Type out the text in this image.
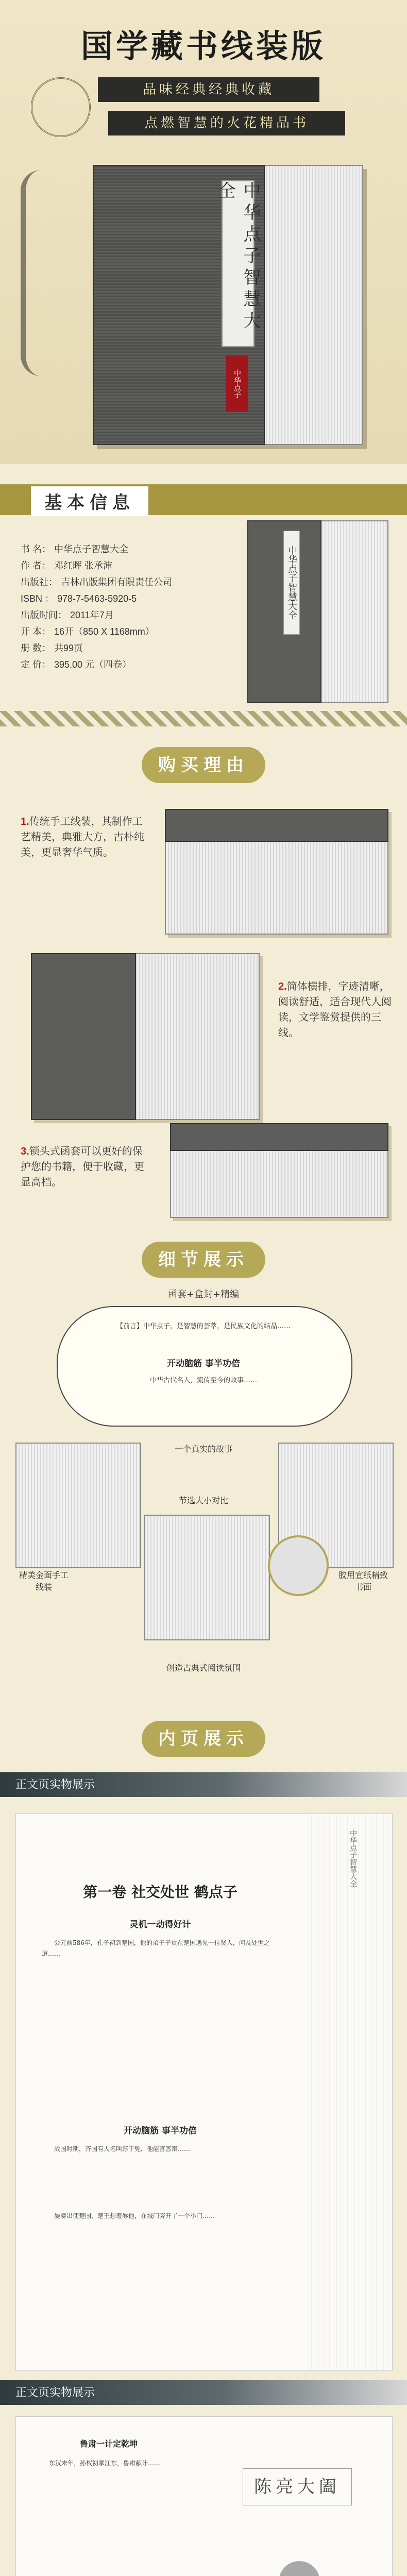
国学藏书线装版
品味经典经典收藏
点燃智慧的火花精品书
中华点子智慧大全
中华点子
基本信息
书 名： 中华点子智慧大全
作 者： 邓红晖 张承渖
出版社： 吉林出版集团有限责任公司
ISBN ： 978-7-5463-5920-5
出版时间： 2011年7月
开 本： 16开（850 X 1168mm）
册 数： 共99页
定 价： 395.00 元（四卷）
中华点子智慧大全
购买理由
1.传统手工线装，其制作工艺精美，典雅大方，古朴纯美，更显奢华气质。
2.简体横排，字迹清晰，阅读舒适，适合现代人阅读，文学鉴赏提供的三线。
3.锁头式函套可以更好的保护您的书籍，便于收藏，更显高档。
细节展示
函套+盒封+精编
【前言】中华点子，是智慧的荟萃，是民族文化的结晶……
开动脑筋 事半功倍
中华古代名人，流传至今的故事……
一个真实的故事
节选大小对比
精美金面手工线装
胶用宣纸精致书面
创造古典式阅读氛围
内页展示
正文页实物展示
第一卷 社交处世 鹤点子
灵机一动得好计
公元前586年，孔子初到楚国，他的弟子子贡在楚国遇见一位贤人，问及处世之道……
开动脑筋 事半功倍
战国时期，齐国有人名叫淳于髡，他能言善辩……
晏婴出使楚国，楚王想羞辱他，在城门旁开了一个小门……
中华点子智慧大全
正文页实物展示
鲁肃一计定乾坤
东汉末年，孙权初掌江东，鲁肃献计……
陈亮大阖
